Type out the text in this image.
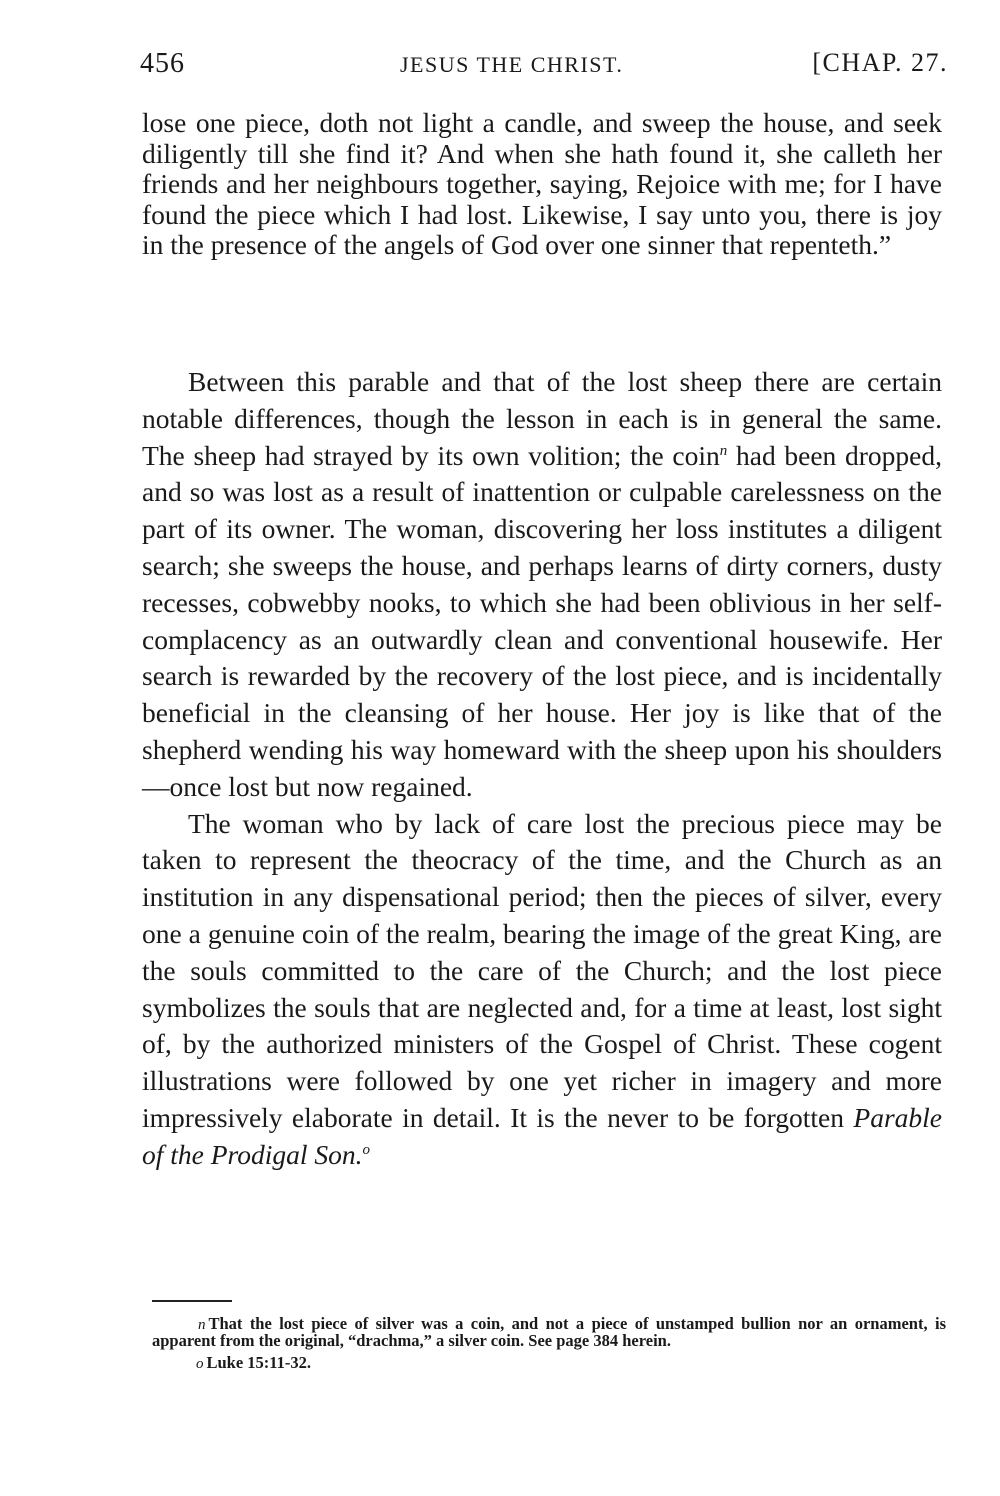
456	JESUS THE CHRIST.	[CHAP. 27.

lose one piece, doth not light a candle, and sweep the house, and seek diligently till she find it? And when she hath found it, she calleth her friends and her neighbours together, saying, Rejoice with me; for I have found the piece which I had lost. Likewise, I say unto you, there is joy in the presence of the angels of God over one sinner that repenteth.”

Between this parable and that of the lost sheep there are certain notable differences, though the lesson in each is in general the same. The sheep had strayed by its own volition; the coin$^n$ had been dropped, and so was lost as a result of inattention or culpable carelessness on the part of its owner. The woman, discovering her loss institutes a diligent search; she sweeps the house, and perhaps learns of dirty corners, dusty recesses, cobwebby nooks, to which she had been oblivious in her self-complacency as an outwardly clean and conventional housewife. Her search is rewarded by the recovery of the lost piece, and is incidentally beneficial in the cleansing of her house. Her joy is like that of the shepherd wending his way homeward with the sheep upon his shoulders—once lost but now regained.

The woman who by lack of care lost the precious piece may be taken to represent the theocracy of the time, and the Church as an institution in any dispensational period; then the pieces of silver, every one a genuine coin of the realm, bearing the image of the great King, are the souls committed to the care of the Church; and the lost piece symbolizes the souls that are neglected and, for a time at least, lost sight of, by the authorized ministers of the Gospel of Christ. These cogent illustrations were followed by one yet richer in imagery and more impressively elaborate in detail. It is the never to be forgotten Parable of the Prodigal Son.$^o$

n That the lost piece of silver was a coin, and not a piece of unstamped bullion nor an ornament, is apparent from the original, “drachma,” a silver coin. See page 384 herein.

o Luke 15:11-32.
